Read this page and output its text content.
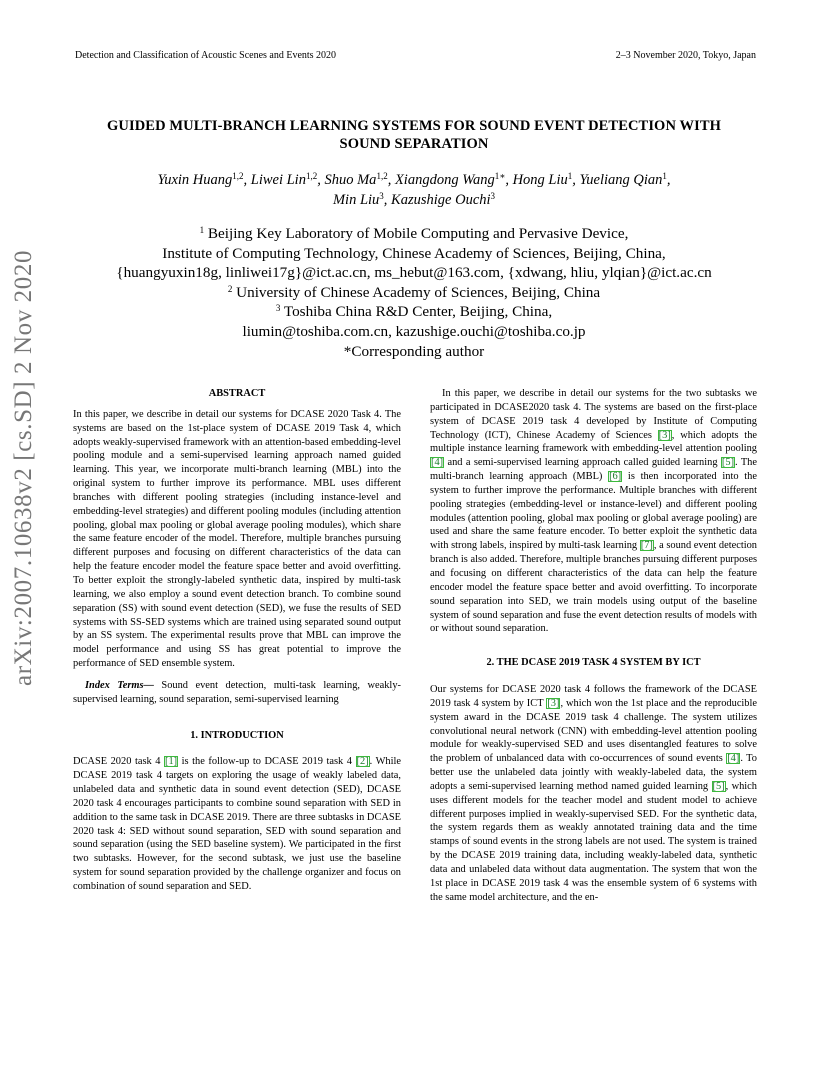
Detection and Classification of Acoustic Scenes and Events 2020	2–3 November 2020, Tokyo, Japan
GUIDED MULTI-BRANCH LEARNING SYSTEMS FOR SOUND EVENT DETECTION WITH
SOUND SEPARATION
Yuxin Huang$^{1,2}$, Liwei Lin$^{1,2}$, Shuo Ma$^{1,2}$, Xiangdong Wang$^{1∗}$, Hong Liu$^1$, Yueliang Qian$^1$,
Min Liu$^3$, Kazushige Ouchi$^3$
$^1$ Beijing Key Laboratory of Mobile Computing and Pervasive Device,
Institute of Computing Technology, Chinese Academy of Sciences, Beijing, China,
{huangyuxin18g, linliwei17g}@ict.ac.cn, ms_hebut@163.com, {xdwang, hliu, ylqian}@ict.ac.cn
$^2$ University of Chinese Academy of Sciences, Beijing, China
$^3$ Toshiba China R&D Center, Beijing, China,
liumin@toshiba.com.cn, kazushige.ouchi@toshiba.co.jp
*Corresponding author
arXiv:2007.10638v2 [cs.SD] 2 Nov 2020	ABSTRACT

In this paper, we describe in detail our systems for DCASE 2020 Task 4. The systems are based on the 1st-place system of DCASE 2019 Task 4, which adopts weakly-supervised framework with an attention-based embedding-level pooling module and a semi-supervised learning approach named guided learning. This year, we incorporate multi-branch learning (MBL) into the original system to further improve its performance. MBL uses different branches with different pooling strategies (including instance-level and embedding-level strategies) and different pooling modules (including attention pooling, global max pooling or global average pooling modules), which share the same feature encoder of the model. Therefore, multiple branches pursuing different purposes and focusing on different characteristics of the data can help the feature encoder model the feature space better and avoid overfitting. To better exploit the strongly-labeled synthetic data, inspired by multi-task learning, we also employ a sound event detection branch. To combine sound separation (SS) with sound event detection (SED), we fuse the results of SED systems with SS-SED systems which are trained using separated sound output by an SS system. The experimental results prove that MBL can improve the model performance and using SS has great potential to improve the performance of SED ensemble system.

Index Terms— Sound event detection, multi-task learning, weakly-supervised learning, sound separation, semi-supervised learning

1. INTRODUCTION

DCASE 2020 task 4 [1] is the follow-up to DCASE 2019 task 4 [2]. While DCASE 2019 task 4 targets on exploring the usage of weakly labeled data, unlabeled data and synthetic data in sound event detection (SED), DCASE 2020 task 4 encourages participants to combine sound separation with SED in addition to the same task in DCASE 2019. There are three subtasks in DCASE 2020 task 4: SED without sound separation, SED with sound separation and sound separation (using the SED baseline system). We participated in the first two subtasks. However, for the second subtask, we just use the baseline system for sound separation provided by the challenge organizer and focus on combination of sound separation and SED.

In this paper, we describe in detail our systems for the two subtasks we participated in DCASE2020 task 4. The systems are based on the first-place system of DCASE 2019 task 4 developed by Institute of Computing Technology (ICT), Chinese Academy of Sciences [3], which adopts the multiple instance learning framework with embedding-level attention pooling [4] and a semi-supervised learning approach called guided learning [5]. The multi-branch learning approach (MBL) [6] is then incorporated into the system to further improve the performance. Multiple branches with different pooling strategies (embedding-level or instance-level) and different pooling modules (attention pooling, global max pooling or global average pooling) are used and share the same feature encoder. To better exploit the synthetic data with strong labels, inspired by multi-task learning [7], a sound event detection branch is also added. Therefore, multiple branches pursuing different purposes and focusing on different characteristics of the data can help the feature encoder model the feature space better and avoid overfitting. To incorporate sound separation into SED, we train models using output of the baseline system of sound separation and fuse the event detection results of models with or without sound separation.

2. THE DCASE 2019 TASK 4 SYSTEM BY ICT

Our systems for DCASE 2020 task 4 follows the framework of the DCASE 2019 task 4 system by ICT [3], which won the 1st place and the reproducible system award in the DCASE 2019 task 4 challenge. The system utilizes convolutional neural network (CNN) with embedding-level attention pooling module for weakly-supervised SED and uses disentangled features to solve the problem of unbalanced data with co-occurrences of sound events [4]. To better use the unlabeled data jointly with weakly-labeled data, the system adopts a semi-supervised learning method named guided learning [5], which uses different models for the teacher model and student model to achieve different purposes implied in weakly-supervised SED. For the synthetic data, the system regards them as weakly annotated training data and the time stamps of sound events in the strong labels are not used. The system is trained by the DCASE 2019 training data, including weakly-labeled data, synthetic data and unlabeled data without data augmentation. The system that won the 1st place in DCASE 2019 task 4 was the ensemble system of 6 systems with the same model architecture, and the en-
